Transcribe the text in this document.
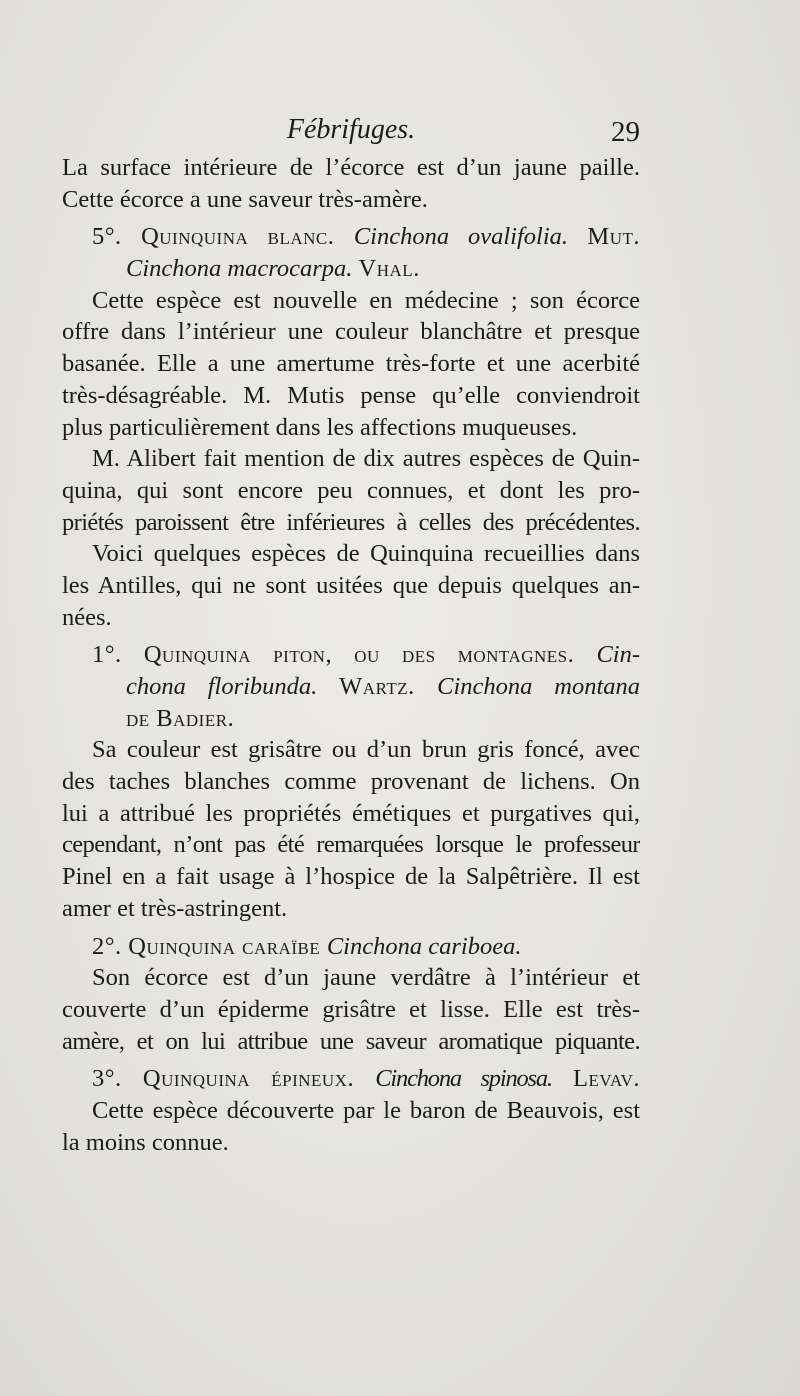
Fébrifuges.	29
La surface intérieure de l’écorce est d’un jaune paille.
Cette écorce a une saveur très-amère.
5°. Quinquina blanc. Cinchona ovalifolia. Mut.
Cinchona macrocarpa. Vhal.
Cette espèce est nouvelle en médecine ; son écorce
offre dans l’intérieur une couleur blanchâtre et presque
basanée. Elle a une amertume très-forte et une acerbité
très-désagréable. M. Mutis pense qu’elle conviendroit
plus particulièrement dans les affections muqueuses.
M. Alibert fait mention de dix autres espèces de Quin-
quina, qui sont encore peu connues, et dont les pro-
priétés paroissent être inférieures à celles des précédentes.
Voici quelques espèces de Quinquina recueillies dans
les Antilles, qui ne sont usitées que depuis quelques an-
nées.
1°. Quinquina piton, ou des montagnes. Cin-
chona floribunda. Wartz. Cinchona montana
de Badier.
Sa couleur est grisâtre ou d’un brun gris foncé, avec
des taches blanches comme provenant de lichens. On
lui a attribué les propriétés émétiques et purgatives qui,
cependant, n’ont pas été remarquées lorsque le professeur
Pinel en a fait usage à l’hospice de la Salpêtrière. Il est
amer et très-astringent.
2°. Quinquina caraïbe Cinchona cariboea.
Son écorce est d’un jaune verdâtre à l’intérieur et
couverte d’un épiderme grisâtre et lisse. Elle est très-
amère, et on lui attribue une saveur aromatique piquante.
3°. Quinquina épineux. Cinchona spinosa. Levav.
Cette espèce découverte par le baron de Beauvois, est
la moins connue.
